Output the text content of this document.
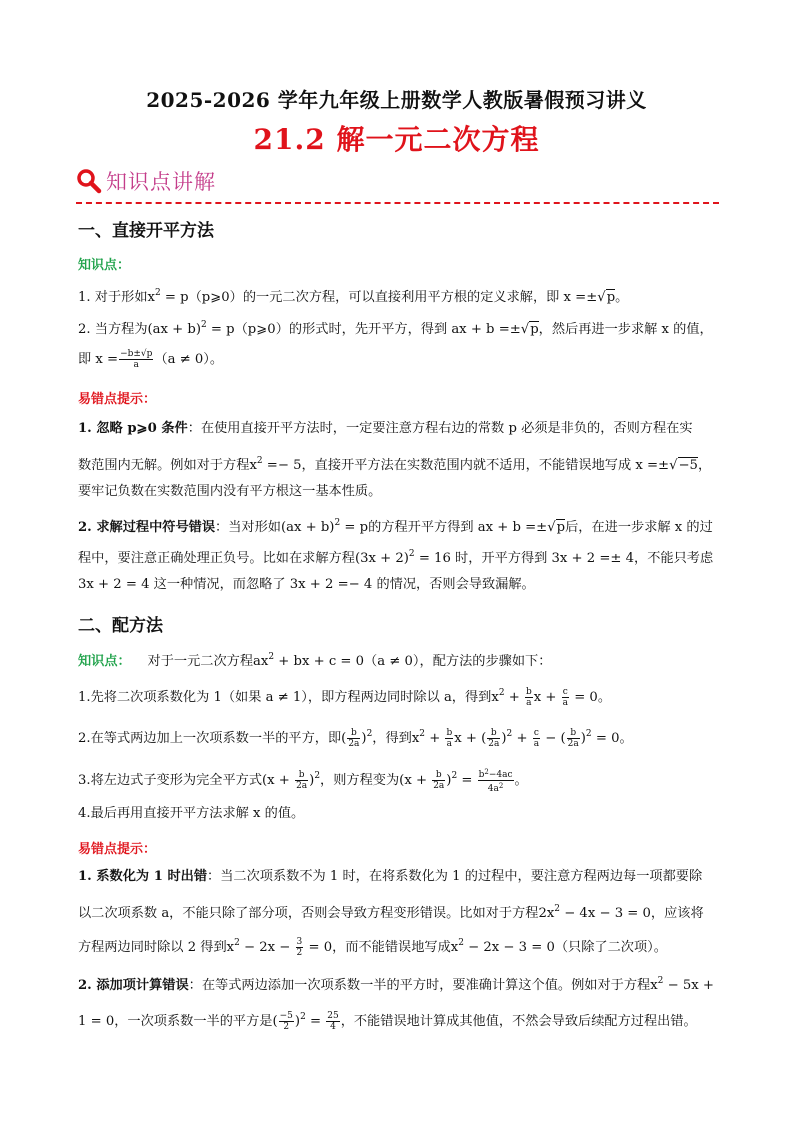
2025-2026 学年九年级上册数学人教版暑假预习讲义
21.2 解一元二次方程
知识点讲解
一、直接开平方法
知识点：
1. 对于形如$x^2$ = p（p⩾0）的一元二次方程，可以直接利用平方根的定义求解，即 x =±√p。
2. 当方程为(ax + b)$^2$ = p（p⩾0）的形式时，先开平方，得到 ax + b =±√p，然后再进一步求解 x 的值，
即 $x = \frac{-b\pm√p}{a} (a \ne 0)$。
易错点提示：
1. 忽略 p⩾0 条件：在使用直接开平方法时，一定要注意方程右边的常数 p 必须是非负的，否则方程在实
数范围内无解。例如对于方程$x^2 =- 5$，直接开平方法在实数范围内就不适用，不能错误地写成 x =±√−5，
要牢记负数在实数范围内没有平方根这一基本性质。
2. 求解过程中符号错误：当对形如(ax + b)$^2$ = p的方程开平方得到 ax + b =±√p后，在进一步求解 x 的过
程中，要注意正确处理正负号。比如在求解方程$(3x + 2)^2 = 16$ 时，开平方得到 3x + 2 =± 4，不能只考虑
3x + 2 = 4 这一种情况，而忽略了 3x + 2 =− 4 的情况，否则会导致漏解。
二、配方法
知识点： 对于一元二次方程$ax^2$ + bx + c = 0（a ≠ 0），配方法的步骤如下：
1.先将二次项系数化为 1（如果 a ≠ 1），即方程两边同时除以 a，得到$x^2 + \frac{b}{a}$ $x + \frac{c}{a} = 0$。
2.在等式两边加上一次项系数一半的平方，即( $\frac{b}{2a} )^2$，得到$x^2 + \frac{b}{a}$ x + ( $\frac{b}{2a} )^2 + \frac{c}{a}$ − ( $\frac{b}{2a} )^2 = 0$。
3.将左边式子变形为完全平方式$(x + \frac{b}{2a} )^2$，则方程变为$(x + \frac{b}{2a} )^2 = \frac{b^2-4ac}{4a^2}$ 。
4.最后再用直接开平方法求解 x 的值。
易错点提示：
1. 系数化为 1 时出错：当二次项系数不为 1 时，在将系数化为 1 的过程中，要注意方程两边每一项都要除
以二次项系数 a，不能只除了部分项，否则会导致方程变形错误。比如对于方程$2x^2 - 4x - 3 = 0$，应该将
方程两边同时除以 2 得到$x^2 - 2x - \frac{3}{2} = 0$，而不能错误地写成$x^2 - 2x - 3 = 0$（只除了二次项）。
2. 添加项计算错误：在等式两边添加一次项系数一半的平方时，要准确计算这个值。例如对于方程$x^2 - 5x$ +
1 = 0，一次项系数一半的平方是( $\frac{-5}{2} )^2 = \frac{25}{4}$ ，不能错误地计算成其他值，不然会导致后续配方过程出错。
